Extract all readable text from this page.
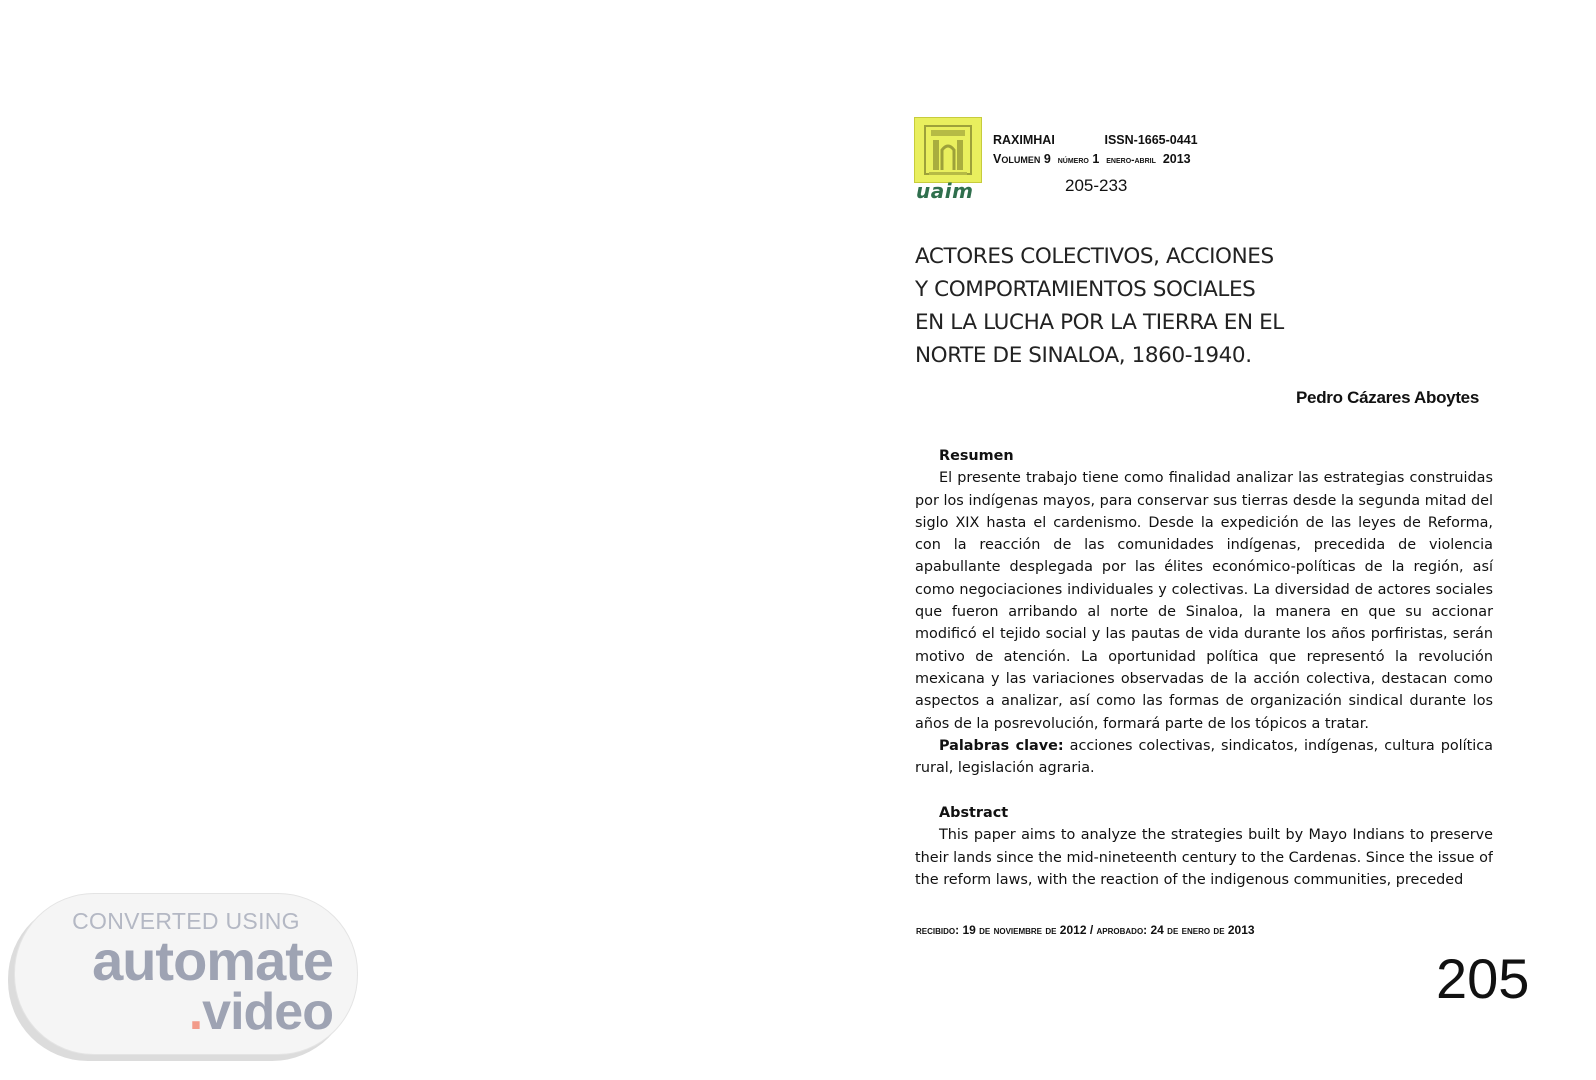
uaim
RAXIMHAI	ISSN-1665-0441
Volumen 9 número 1 enero-abril 2013
205-233
ACTORES COLECTIVOS, ACCIONES
Y COMPORTAMIENTOS SOCIALES
EN LA LUCHA POR LA TIERRA EN EL
NORTE DE SINALOA, 1860-1940.
Pedro Cázares Aboytes

Resumen

El presente trabajo tiene como finalidad analizar las estrategias construidas por los indígenas mayos, para conservar sus tierras desde la segunda mitad del siglo XIX hasta el cardenismo. Desde la expedición de las leyes de Reforma, con la reacción de las comunidades indígenas, precedida de violencia apabullante desplegada por las élites económico-políticas de la región, así como negociaciones individuales y colectivas. La diversidad de actores sociales que fueron arribando al norte de Sinaloa, la manera en que su accionar modificó el tejido social y las pautas de vida durante los años porfiristas, serán motivo de atención. La oportunidad política que representó la revolución mexicana y las variaciones observadas de la acción colectiva, destacan como aspectos a analizar, así como las formas de organización sindical durante los años de la posrevolución, formará parte de los tópicos a tratar.

Palabras clave: acciones colectivas, sindicatos, indígenas, cultura política rural, legislación agraria.

Abstract

This paper aims to analyze the strategies built by Mayo Indians to preserve their lands since the mid-nineteenth century to the Cardenas. Since the issue of the reform laws, with the reaction of the indigenous communities, preceded

recibido: 19 de noviembre de 2012 / aprobado: 24 de enero de 2013
205
CONVERTED USING
automate
.video
